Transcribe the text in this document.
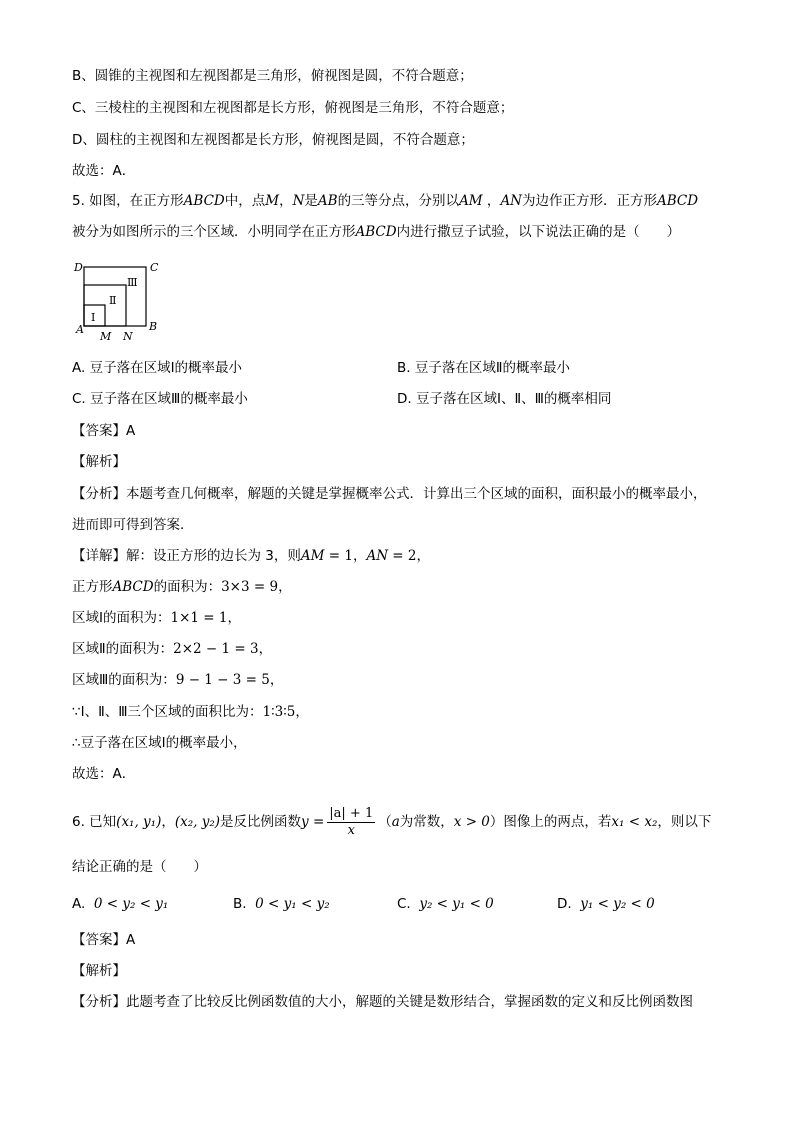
B、圆锥的主视图和左视图都是三角形，俯视图是圆，不符合题意；
C、三棱柱的主视图和左视图都是长方形，俯视图是三角形，不符合题意；
D、圆柱的主视图和左视图都是长方形，俯视图是圆，不符合题意；
故选：A．
5. 如图，在正方形ABCD中，点M，N是AB的三等分点，分别以AM ，AN为边作正方形．正方形ABCD
被分为如图所示的三个区域．小明同学在正方形ABCD内进行撒豆子试验，以下说法正确的是（　　）
D	C
A	B
M N
Ⅰ
Ⅱ
Ⅲ
A. 豆子落在区域Ⅰ的概率最小	B. 豆子落在区域Ⅱ的概率最小
C. 豆子落在区域Ⅲ的概率最小	D. 豆子落在区域Ⅰ、Ⅱ、Ⅲ的概率相同
【答案】A
【解析】
【分析】本题考查几何概率，解题的关键是掌握概率公式．计算出三个区域的面积，面积最小的概率最小，
进而即可得到答案．
【详解】解：设正方形的边长为 3，则AM = 1，AN = 2，
正方形ABCD的面积为：3×3 = 9，
区域Ⅰ的面积为：1×1 = 1，
区域Ⅱ的面积为：2×2 − 1 = 3，
区域Ⅲ的面积为：9 − 1 − 3 = 5，
∵Ⅰ、Ⅱ、Ⅲ三个区域的面积比为：1∶3∶5，
∴豆子落在区域Ⅰ的概率最小，
故选：A．
6. 已知(x₁, y₁)，(x₂, y₂)是反比例函数$y = \frac{|a| + 1}{x} (a$为常数，x > 0）图像上的两点，若x₁ < x₂，则以下
结论正确的是（　　）
A. 0 < y₂ < y₁	B. 0 < y₁ < y₂	C. y₂ < y₁ < 0	D. y₁ < y₂ < 0
【答案】A
【解析】
【分析】此题考查了比较反比例函数值的大小，解题的关键是数形结合，掌握函数的定义和反比例函数图
